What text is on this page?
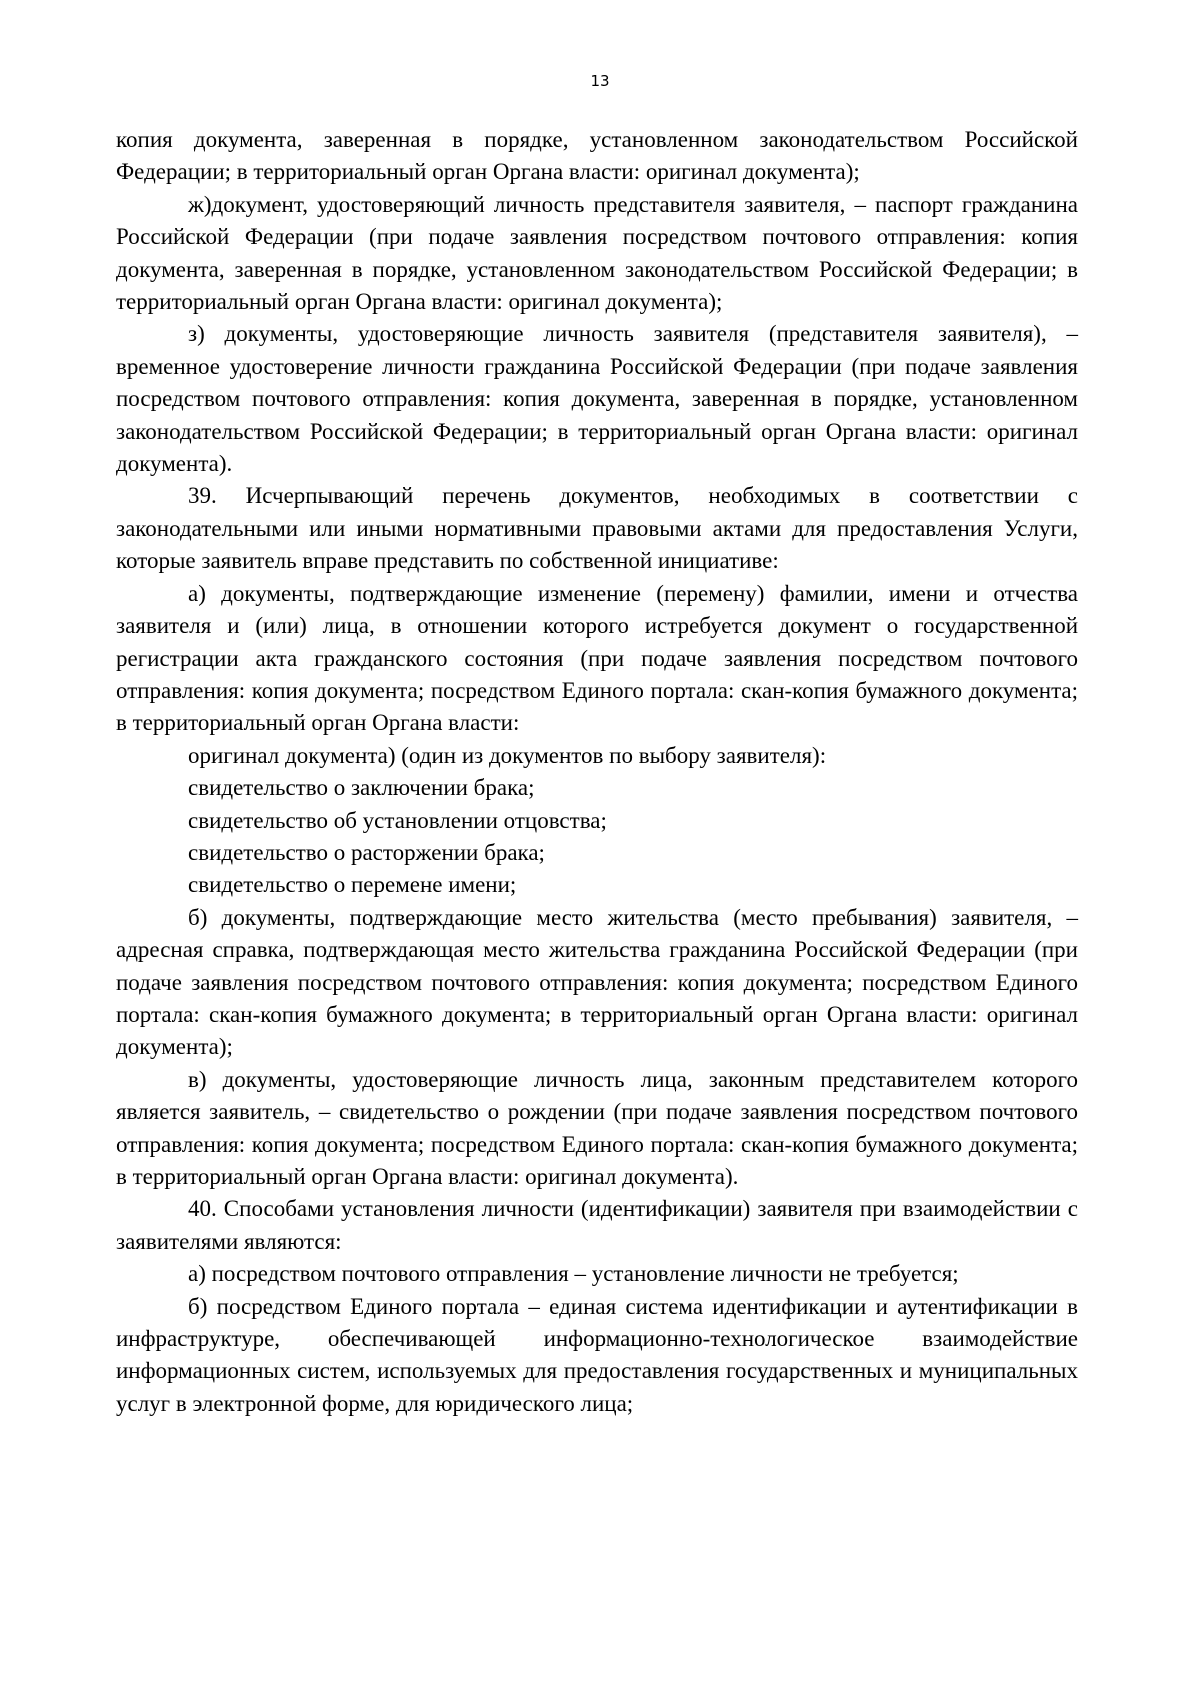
13

копия документа, заверенная в порядке, установленном законодательством Российской Федерации; в территориальный орган Органа власти: оригинал документа);

ж)документ, удостоверяющий личность представителя заявителя, – паспорт гражданина Российской Федерации (при подаче заявления посредством почтового отправления: копия документа, заверенная в порядке, установленном законодательством Российской Федерации; в территориальный орган Органа власти: оригинал документа);

з) документы, удостоверяющие личность заявителя (представителя заявителя), – временное удостоверение личности гражданина Российской Федерации (при подаче заявления посредством почтового отправления: копия документа, заверенная в порядке, установленном законодательством Российской Федерации; в территориальный орган Органа власти: оригинал документа).

39. Исчерпывающий перечень документов, необходимых в соответствии с законодательными или иными нормативными правовыми актами для предоставления Услуги, которые заявитель вправе представить по собственной инициативе:

а) документы, подтверждающие изменение (перемену) фамилии, имени и отчества заявителя и (или) лица, в отношении которого истребуется документ о государственной регистрации акта гражданского состояния (при подаче заявления посредством почтового отправления: копия документа; посредством Единого портала: скан-копия бумажного документа; в территориальный орган Органа власти:

оригинал документа) (один из документов по выбору заявителя):

свидетельство о заключении брака;

свидетельство об установлении отцовства;

свидетельство о расторжении брака;

свидетельство о перемене имени;

б) документы, подтверждающие место жительства (место пребывания) заявителя, – адресная справка, подтверждающая место жительства гражданина Российской Федерации (при подаче заявления посредством почтового отправления: копия документа; посредством Единого портала: скан-копия бумажного документа; в территориальный орган Органа власти: оригинал документа);

в) документы, удостоверяющие личность лица, законным представителем которого является заявитель, – свидетельство о рождении (при подаче заявления посредством почтового отправления: копия документа; посредством Единого портала: скан-копия бумажного документа; в территориальный орган Органа власти: оригинал документа).

40. Способами установления личности (идентификации) заявителя при взаимодействии с заявителями являются:

а) посредством почтового отправления – установление личности не требуется;

б) посредством Единого портала – единая система идентификации и аутентификации в инфраструктуре, обеспечивающей информационно-технологическое взаимодействие информационных систем, используемых для предоставления государственных и муниципальных услуг в электронной форме, для юридического лица;
